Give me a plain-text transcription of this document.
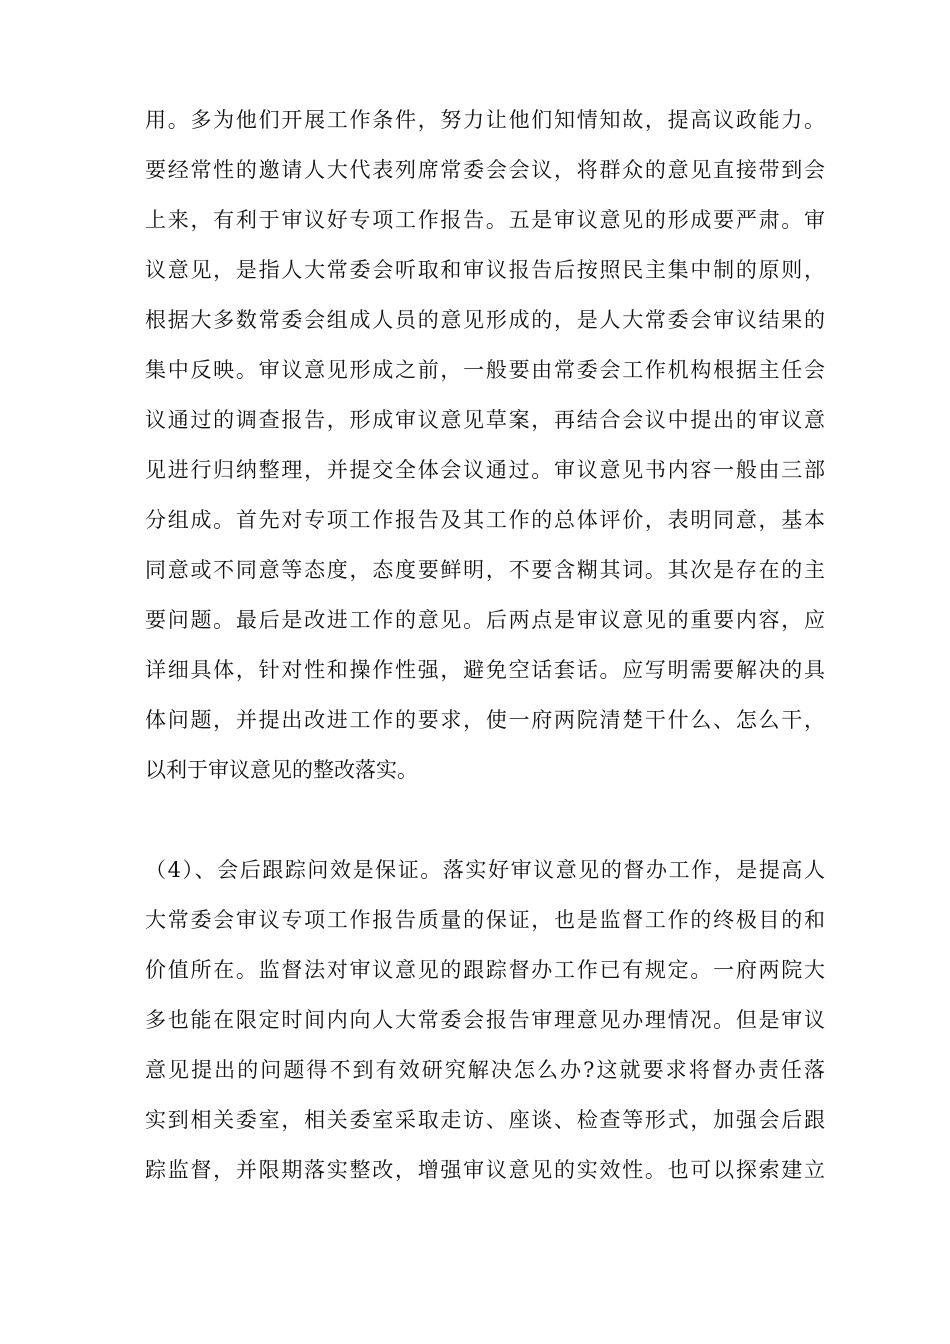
用。多为他们开展工作条件，努力让他们知情知故，提高议政能力。
要经常性的邀请人大代表列席常委会会议，将群众的意见直接带到会
上来，有利于审议好专项工作报告。五是审议意见的形成要严肃。审
议意见，是指人大常委会听取和审议报告后按照民主集中制的原则，
根据大多数常委会组成人员的意见形成的，是人大常委会审议结果的
集中反映。审议意见形成之前，一般要由常委会工作机构根据主任会
议通过的调查报告，形成审议意见草案，再结合会议中提出的审议意
见进行归纳整理，并提交全体会议通过。审议意见书内容一般由三部
分组成。首先对专项工作报告及其工作的总体评价，表明同意，基本
同意或不同意等态度，态度要鲜明，不要含糊其词。其次是存在的主
要问题。最后是改进工作的意见。后两点是审议意见的重要内容，应
详细具体，针对性和操作性强，避免空话套话。应写明需要解决的具
体问题，并提出改进工作的要求，使一府两院清楚干什么、怎么干，
以利于审议意见的整改落实。
（4）、会后跟踪问效是保证。落实好审议意见的督办工作，是提高人
大常委会审议专项工作报告质量的保证，也是监督工作的终极目的和
价值所在。监督法对审议意见的跟踪督办工作已有规定。一府两院大
多也能在限定时间内向人大常委会报告审理意见办理情况。但是审议
意见提出的问题得不到有效研究解决怎么办?这就要求将督办责任落
实到相关委室，相关委室采取走访、座谈、检查等形式，加强会后跟
踪监督，并限期落实整改，增强审议意见的实效性。也可以探索建立
